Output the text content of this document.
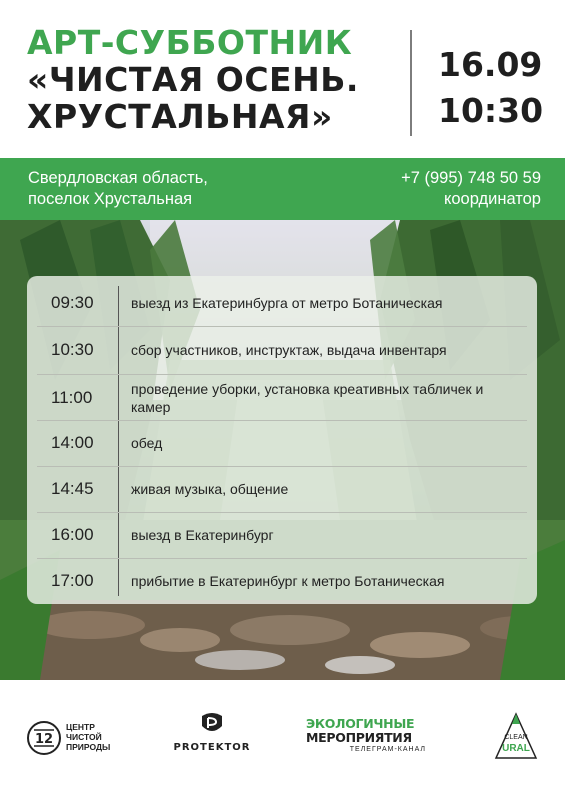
АРТ-СУББОТНИК
«ЧИСТАЯ ОСЕНЬ.
ХРУСТАЛЬНАЯ»
16.09
10:30
Свердловская область,
поселок Хрустальная
+7 (995) 748 50 59
координатор
09:30	выезд из Екатеринбурга от метро Ботаническая
10:30	сбор участников, инструктаж, выдача инвентаря
11:00	проведение уборки, установка креативных табличек и камер
14:00	обед
14:45	живая музыка, общение
16:00	выезд в Екатеринбург
17:00	прибытие в Екатеринбург к метро Ботаническая
12
ЦЕНТР
ЧИСТОЙ
ПРИРОДЫ	PROTEKTOR
ЭКОЛОГИЧНЫЕ
МЕРОПРИЯТИЯ
ТЕЛЕГРАМ-КАНАЛ
CLEAN
URAL
